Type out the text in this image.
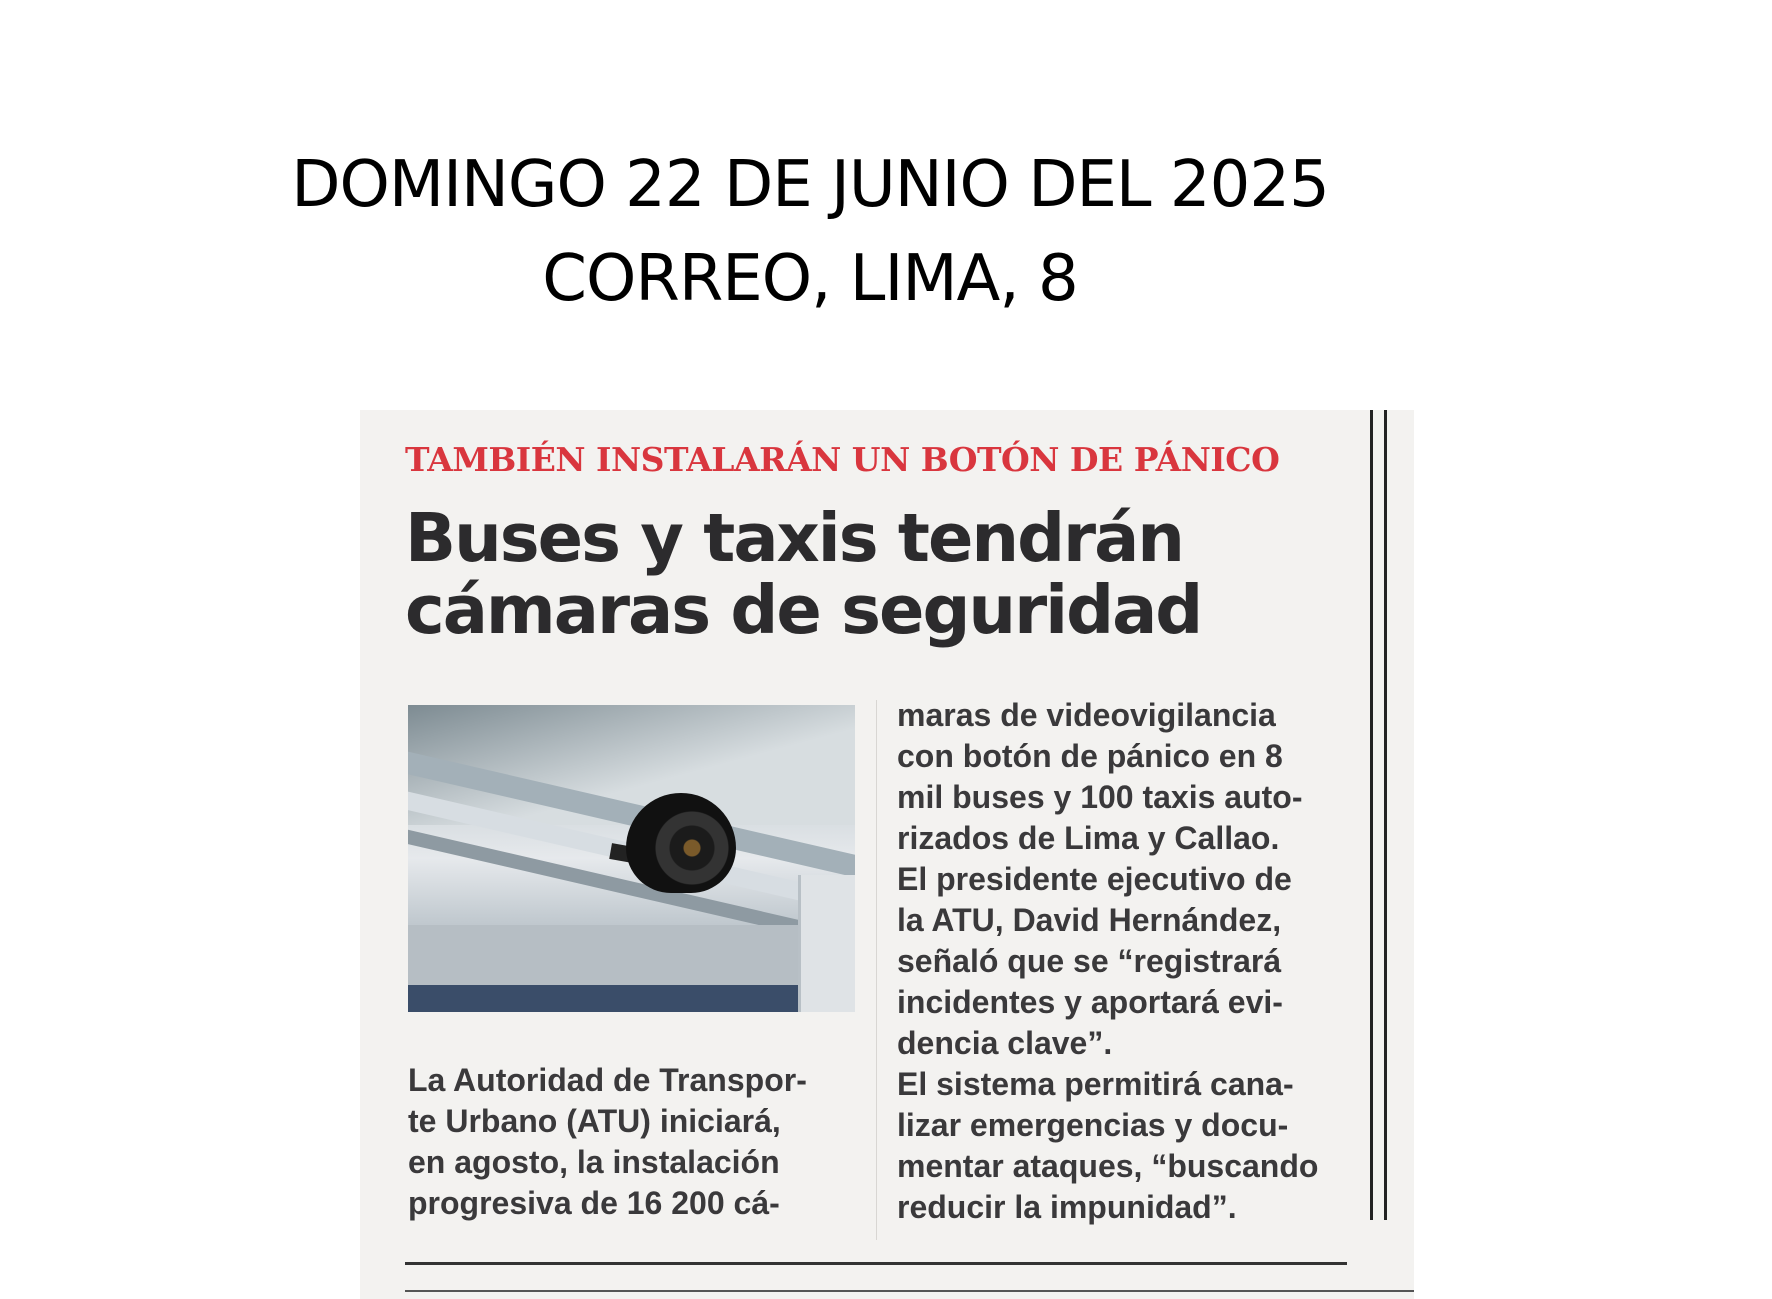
DOMINGO 22 DE JUNIO DEL 2025
CORREO, LIMA, 8
TAMBIÉN INSTALARÁN UN BOTÓN DE PÁNICO
Buses y taxis tendrán
cámaras de seguridad
La Autoridad de Transpor-
te Urbano (ATU) iniciará,
en agosto, la instalación
progresiva de 16 200 cá-
maras de videovigilancia
con botón de pánico en 8
mil buses y 100 taxis auto-
rizados de Lima y Callao.
El presidente ejecutivo de
la ATU, David Hernández,
señaló que se “registrará
incidentes y aportará evi-
dencia clave”.
El sistema permitirá cana-
lizar emergencias y docu-
mentar ataques, “buscando
reducir la impunidad”.
